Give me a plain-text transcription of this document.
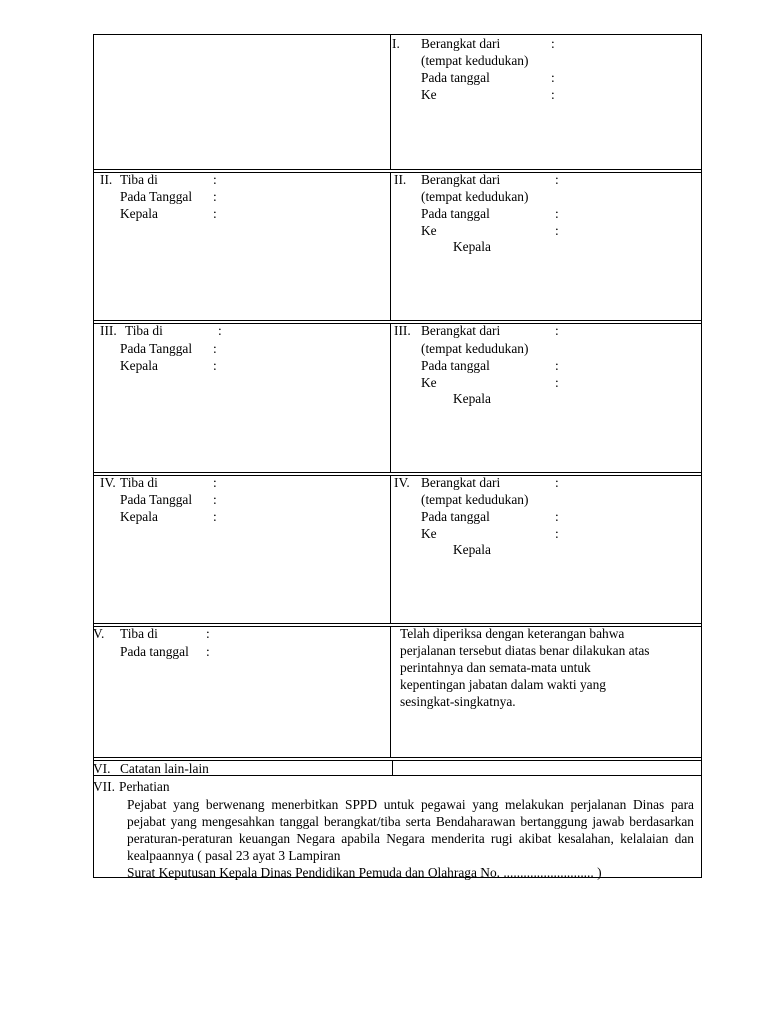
I. Berangkat dari
(tempat kedudukan)
Pada tanggal
Ke
:
:
:
II. Tiba di
Pada Tanggal
Kepala
:
:
:
II. Berangkat dari
(tempat kedudukan)
Pada tanggal
Ke
Kepala
:
:
:
III. Tiba di
Pada Tanggal
Kepala
:
:
:
III. Berangkat dari
(tempat kedudukan)
Pada tanggal
Ke
Kepala
:
:
:
IV. Tiba di
Pada Tanggal
Kepala
:
:
:
IV. Berangkat dari
(tempat kedudukan)
Pada tanggal
Ke
Kepala
:
:
:
V. Tiba di
Pada tanggal
:
:
Telah diperiksa dengan keterangan bahwa
perjalanan tersebut diatas benar dilakukan atas
perintahnya dan semata-mata untuk
kepentingan jabatan dalam wakti yang
sesingkat-singkatnya.
VI. Catatan lain-lain
VII. Perhatian
Pejabat yang berwenang menerbitkan SPPD untuk pegawai yang melakukan perjalanan Dinas para pejabat yang mengesahkan tanggal berangkat/tiba serta Bendaharawan bertanggung jawab berdasarkan peraturan-peraturan keuangan Negara apabila Negara menderita rugi akibat kesalahan, kelalaian dan kealpaannya ( pasal 23 ayat 3 Lampiran
Surat Keputusan Kepala Dinas Pendidikan Pemuda dan Olahraga No. ........................... )
